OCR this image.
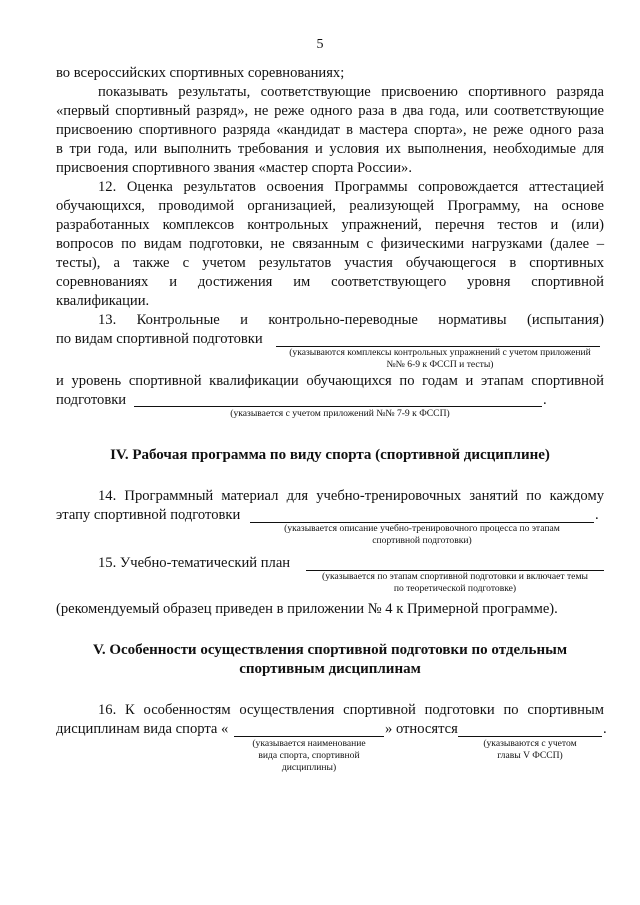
5
во всероссийских спортивных соревнованиях;
показывать результаты, соответствующие присвоению спортивного разряда
«первый спортивный разряд», не реже одного раза в два года, или соответствующие
присвоению спортивного разряда «кандидат в мастера спорта», не реже одного раза
в три года, или выполнить требования и условия их выполнения, необходимые для
присвоения спортивного звания «мастер спорта России».
12. Оценка результатов освоения Программы сопровождается аттестацией
обучающихся, проводимой организацией, реализующей Программу, на основе
разработанных комплексов контрольных упражнений, перечня тестов и (или)
вопросов по видам подготовки, не связанным с физическими нагрузками (далее –
тесты), а также с учетом результатов участия обучающегося в спортивных
соревнованиях и достижения им соответствующего уровня спортивной
квалификации.
13. Контрольные и контрольно-переводные нормативы (испытания)
по видам спортивной подготовки
(указываются комплексы контрольных упражнений с учетом приложений
№№ 6-9 к ФССП и тесты)
и уровень спортивной квалификации обучающихся по годам и этапам спортивной
подготовки	.
(указывается с учетом приложений №№ 7-9 к ФССП)
IV. Рабочая программа по виду спорта (спортивной дисциплине)
14. Программный материал для учебно-тренировочных занятий по каждому
этапу спортивной подготовки	.
(указывается описание учебно-тренировочного процесса по этапам
спортивной подготовки)
15. Учебно-тематический план
(указывается по этапам спортивной подготовки и включает темы
по теоретической подготовке)
(рекомендуемый образец приведен в приложении № 4 к Примерной программе).
V. Особенности осуществления спортивной подготовки по отдельным
спортивным дисциплинам
16. К особенностям осуществления спортивной подготовки по спортивным
дисциплинам вида спорта «	» относятся	.
(указывается наименование
вида спорта, спортивной
дисциплины)
(указываются с учетом
главы V ФССП)
